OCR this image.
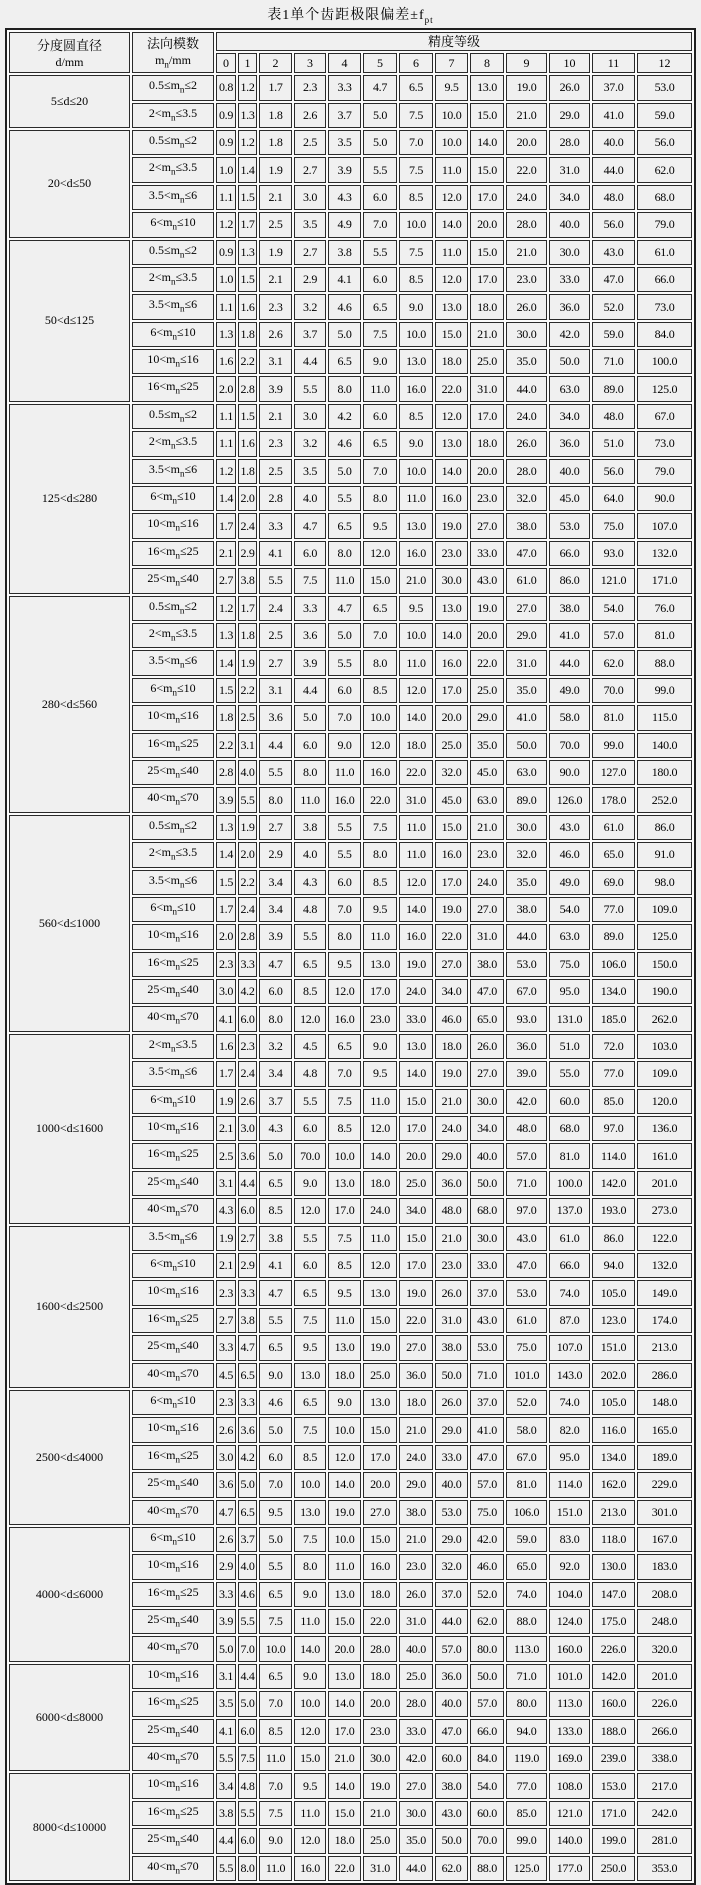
表1单个齿距极限偏差$\pm f_{pt}$
分度圆直径
d/mm

法向模数
$m_n/mm$
	精度等级
		0	1	2	3	4	5	6	7	8	9	10	11	12
5≤d≤20	$0.5\le m_n\le 2$	0.8	1.2	1.7	2.3	3.3	4.7	6.5	9.5	13.0	19.0	26.0	37.0	53.0
	$2<m_n\le 3.5$	0.9	1.3	1.8	2.6	3.7	5.0	7.5	10.0	15.0	21.0	29.0	41.0	59.0
20<d≤50	$0.5\le m_n\le 2$	0.9	1.2	1.8	2.5	3.5	5.0	7.0	10.0	14.0	20.0	28.0	40.0	56.0
	$2<m_n\le 3.5$	1.0	1.4	1.9	2.7	3.9	5.5	7.5	11.0	15.0	22.0	31.0	44.0	62.0
	$3.5<m_n\le 6$	1.1	1.5	2.1	3.0	4.3	6.0	8.5	12.0	17.0	24.0	34.0	48.0	68.0
	$6<m_n\le 10$	1.2	1.7	2.5	3.5	4.9	7.0	10.0	14.0	20.0	28.0	40.0	56.0	79.0
50<d≤125	$0.5\le m_n\le 2$	0.9	1.3	1.9	2.7	3.8	5.5	7.5	11.0	15.0	21.0	30.0	43.0	61.0
	$2<m_n\le 3.5$	1.0	1.5	2.1	2.9	4.1	6.0	8.5	12.0	17.0	23.0	33.0	47.0	66.0
	$3.5<m_n\le 6$	1.1	1.6	2.3	3.2	4.6	6.5	9.0	13.0	18.0	26.0	36.0	52.0	73.0
	$6<m_n\le 10$	1.3	1.8	2.6	3.7	5.0	7.5	10.0	15.0	21.0	30.0	42.0	59.0	84.0
	$10<m_n\le 16$	1.6	2.2	3.1	4.4	6.5	9.0	13.0	18.0	25.0	35.0	50.0	71.0	100.0
	$16<m_n\le 25$	2.0	2.8	3.9	5.5	8.0	11.0	16.0	22.0	31.0	44.0	63.0	89.0	125.0
125<d≤280	$0.5\le m_n\le 2$	1.1	1.5	2.1	3.0	4.2	6.0	8.5	12.0	17.0	24.0	34.0	48.0	67.0
	$2<m_n\le 3.5$	1.1	1.6	2.3	3.2	4.6	6.5	9.0	13.0	18.0	26.0	36.0	51.0	73.0
	$3.5<m_n\le 6$	1.2	1.8	2.5	3.5	5.0	7.0	10.0	14.0	20.0	28.0	40.0	56.0	79.0
	$6<m_n\le 10$	1.4	2.0	2.8	4.0	5.5	8.0	11.0	16.0	23.0	32.0	45.0	64.0	90.0
	$10<m_n\le 16$	1.7	2.4	3.3	4.7	6.5	9.5	13.0	19.0	27.0	38.0	53.0	75.0	107.0
	$16<m_n\le 25$	2.1	2.9	4.1	6.0	8.0	12.0	16.0	23.0	33.0	47.0	66.0	93.0	132.0
	$25<m_n\le 40$	2.7	3.8	5.5	7.5	11.0	15.0	21.0	30.0	43.0	61.0	86.0	121.0	171.0
280<d≤560	$0.5\le m_n\le 2$	1.2	1.7	2.4	3.3	4.7	6.5	9.5	13.0	19.0	27.0	38.0	54.0	76.0
	$2<m_n\le 3.5$	1.3	1.8	2.5	3.6	5.0	7.0	10.0	14.0	20.0	29.0	41.0	57.0	81.0
	$3.5<m_n\le 6$	1.4	1.9	2.7	3.9	5.5	8.0	11.0	16.0	22.0	31.0	44.0	62.0	88.0
	$6<m_n\le 10$	1.5	2.2	3.1	4.4	6.0	8.5	12.0	17.0	25.0	35.0	49.0	70.0	99.0
	$10<m_n\le 16$	1.8	2.5	3.6	5.0	7.0	10.0	14.0	20.0	29.0	41.0	58.0	81.0	115.0
	$16<m_n\le 25$	2.2	3.1	4.4	6.0	9.0	12.0	18.0	25.0	35.0	50.0	70.0	99.0	140.0
	$25<m_n\le 40$	2.8	4.0	5.5	8.0	11.0	16.0	22.0	32.0	45.0	63.0	90.0	127.0	180.0
	$40<m_n\le 70$	3.9	5.5	8.0	11.0	16.0	22.0	31.0	45.0	63.0	89.0	126.0	178.0	252.0
560<d≤1000	$0.5\le m_n\le 2$	1.3	1.9	2.7	3.8	5.5	7.5	11.0	15.0	21.0	30.0	43.0	61.0	86.0
	$2<m_n\le 3.5$	1.4	2.0	2.9	4.0	5.5	8.0	11.0	16.0	23.0	32.0	46.0	65.0	91.0
	$3.5<m_n\le 6$	1.5	2.2	3.4	4.3	6.0	8.5	12.0	17.0	24.0	35.0	49.0	69.0	98.0
	$6<m_n\le 10$	1.7	2.4	3.4	4.8	7.0	9.5	14.0	19.0	27.0	38.0	54.0	77.0	109.0
	$10<m_n\le 16$	2.0	2.8	3.9	5.5	8.0	11.0	16.0	22.0	31.0	44.0	63.0	89.0	125.0
	$16<m_n\le 25$	2.3	3.3	4.7	6.5	9.5	13.0	19.0	27.0	38.0	53.0	75.0	106.0	150.0
	$25<m_n\le 40$	3.0	4.2	6.0	8.5	12.0	17.0	24.0	34.0	47.0	67.0	95.0	134.0	190.0
	$40<m_n\le 70$	4.1	6.0	8.0	12.0	16.0	23.0	33.0	46.0	65.0	93.0	131.0	185.0	262.0
1000<d≤1600	$2<m_n\le 3.5$	1.6	2.3	3.2	4.5	6.5	9.0	13.0	18.0	26.0	36.0	51.0	72.0	103.0
	$3.5<m_n\le 6$	1.7	2.4	3.4	4.8	7.0	9.5	14.0	19.0	27.0	39.0	55.0	77.0	109.0
	$6<m_n\le 10$	1.9	2.6	3.7	5.5	7.5	11.0	15.0	21.0	30.0	42.0	60.0	85.0	120.0
	$10<m_n\le 16$	2.1	3.0	4.3	6.0	8.5	12.0	17.0	24.0	34.0	48.0	68.0	97.0	136.0
	$16<m_n\le 25$	2.5	3.6	5.0	70.0	10.0	14.0	20.0	29.0	40.0	57.0	81.0	114.0	161.0
	$25<m_n\le 40$	3.1	4.4	6.5	9.0	13.0	18.0	25.0	36.0	50.0	71.0	100.0	142.0	201.0
	$40<m_n\le 70$	4.3	6.0	8.5	12.0	17.0	24.0	34.0	48.0	68.0	97.0	137.0	193.0	273.0
1600<d≤2500	$3.5<m_n\le 6$	1.9	2.7	3.8	5.5	7.5	11.0	15.0	21.0	30.0	43.0	61.0	86.0	122.0
	$6<m_n\le 10$	2.1	2.9	4.1	6.0	8.5	12.0	17.0	23.0	33.0	47.0	66.0	94.0	132.0
	$10<m_n\le 16$	2.3	3.3	4.7	6.5	9.5	13.0	19.0	26.0	37.0	53.0	74.0	105.0	149.0
	$16<m_n\le 25$	2.7	3.8	5.5	7.5	11.0	15.0	22.0	31.0	43.0	61.0	87.0	123.0	174.0
	$25<m_n\le 40$	3.3	4.7	6.5	9.5	13.0	19.0	27.0	38.0	53.0	75.0	107.0	151.0	213.0
	$40<m_n\le 70$	4.5	6.5	9.0	13.0	18.0	25.0	36.0	50.0	71.0	101.0	143.0	202.0	286.0
2500<d≤4000	$6<m_n\le 10$	2.3	3.3	4.6	6.5	9.0	13.0	18.0	26.0	37.0	52.0	74.0	105.0	148.0
	$10<m_n\le 16$	2.6	3.6	5.0	7.5	10.0	15.0	21.0	29.0	41.0	58.0	82.0	116.0	165.0
	$16<m_n\le 25$	3.0	4.2	6.0	8.5	12.0	17.0	24.0	33.0	47.0	67.0	95.0	134.0	189.0
	$25<m_n\le 40$	3.6	5.0	7.0	10.0	14.0	20.0	29.0	40.0	57.0	81.0	114.0	162.0	229.0
	$40<m_n\le 70$	4.7	6.5	9.5	13.0	19.0	27.0	38.0	53.0	75.0	106.0	151.0	213.0	301.0
4000<d≤6000	$6<m_n\le 10$	2.6	3.7	5.0	7.5	10.0	15.0	21.0	29.0	42.0	59.0	83.0	118.0	167.0
	$10<m_n\le 16$	2.9	4.0	5.5	8.0	11.0	16.0	23.0	32.0	46.0	65.0	92.0	130.0	183.0
	$16<m_n\le 25$	3.3	4.6	6.5	9.0	13.0	18.0	26.0	37.0	52.0	74.0	104.0	147.0	208.0
	$25<m_n\le 40$	3.9	5.5	7.5	11.0	15.0	22.0	31.0	44.0	62.0	88.0	124.0	175.0	248.0
	$40<m_n\le 70$	5.0	7.0	10.0	14.0	20.0	28.0	40.0	57.0	80.0	113.0	160.0	226.0	320.0
6000<d≤8000	$10<m_n\le 16$	3.1	4.4	6.5	9.0	13.0	18.0	25.0	36.0	50.0	71.0	101.0	142.0	201.0
	$16<m_n\le 25$	3.5	5.0	7.0	10.0	14.0	20.0	28.0	40.0	57.0	80.0	113.0	160.0	226.0
	$25<m_n\le 40$	4.1	6.0	8.5	12.0	17.0	23.0	33.0	47.0	66.0	94.0	133.0	188.0	266.0
	$40<m_n\le 70$	5.5	7.5	11.0	15.0	21.0	30.0	42.0	60.0	84.0	119.0	169.0	239.0	338.0
8000<d≤10000	$10<m_n\le 16$	3.4	4.8	7.0	9.5	14.0	19.0	27.0	38.0	54.0	77.0	108.0	153.0	217.0
	$16<m_n\le 25$	3.8	5.5	7.5	11.0	15.0	21.0	30.0	43.0	60.0	85.0	121.0	171.0	242.0
	$25<m_n\le 40$	4.4	6.0	9.0	12.0	18.0	25.0	35.0	50.0	70.0	99.0	140.0	199.0	281.0
	$40<m_n\le 70$	5.5	8.0	11.0	16.0	22.0	31.0	44.0	62.0	88.0	125.0	177.0	250.0	353.0
